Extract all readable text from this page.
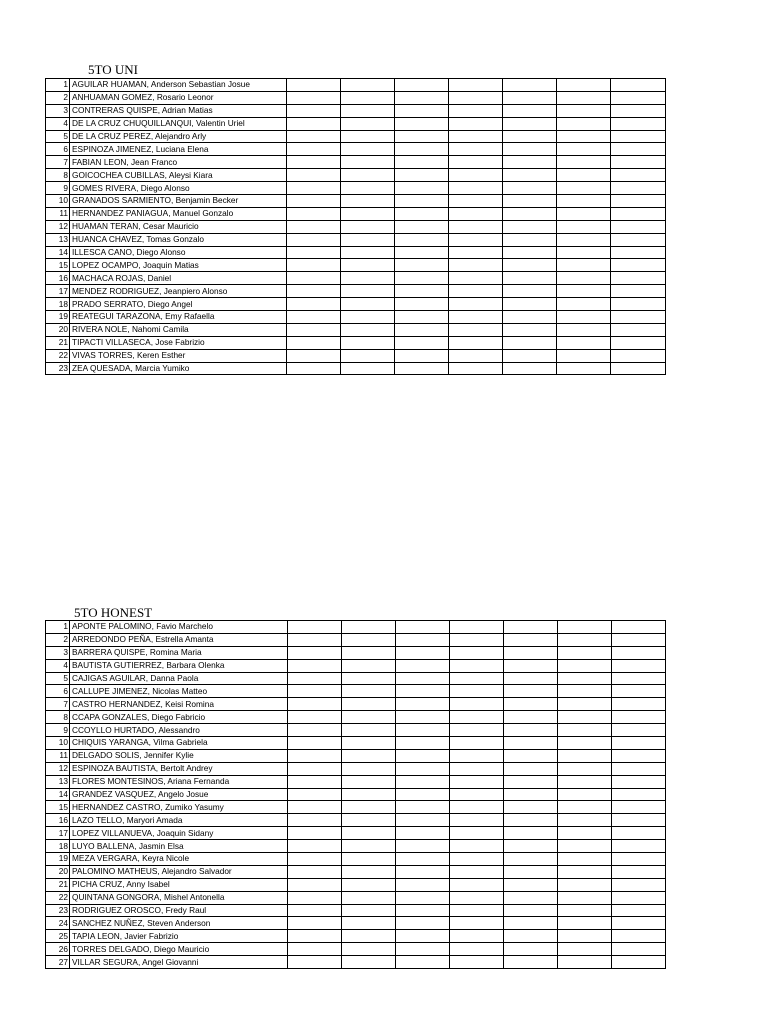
5TO UNI
1	AGUILAR HUAMAN, Anderson Sebastian Josue							
2	ANHUAMAN GOMEZ, Rosario Leonor							
3	CONTRERAS QUISPE, Adrian Matias							
4	DE LA CRUZ CHUQUILLANQUI, Valentin Uriel							
5	DE LA CRUZ PEREZ, Alejandro Arly							
6	ESPINOZA JIMENEZ, Luciana Elena							
7	FABIAN LEON, Jean Franco							
8	GOICOCHEA CUBILLAS, Aleysi Kiara							
9	GOMES RIVERA, Diego Alonso							
10	GRANADOS SARMIENTO, Benjamin Becker							
11	HERNANDEZ PANIAGUA, Manuel Gonzalo							
12	HUAMAN TERAN, Cesar Mauricio							
13	HUANCA CHAVEZ, Tomas Gonzalo							
14	ILLESCA CANO, Diego Alonso							
15	LOPEZ OCAMPO, Joaquin Matias							
16	MACHACA ROJAS, Daniel							
17	MENDEZ RODRIGUEZ, Jeanpiero Alonso							
18	PRADO SERRATO, Diego Angel							
19	REATEGUI TARAZONA, Emy Rafaella							
20	RIVERA NOLE, Nahomi Camila							
21	TIPACTI VILLASECA, Jose Fabrizio							
22	VIVAS TORRES, Keren Esther							
23	ZEA QUESADA, Marcia Yumiko							
5TO HONEST
1	APONTE PALOMINO, Favio Marchelo							
2	ARREDONDO PEÑA, Estrella Amanta							
3	BARRERA QUISPE, Romina Maria							
4	BAUTISTA GUTIERREZ, Barbara Olenka							
5	CAJIGAS AGUILAR, Danna Paola							
6	CALLUPE JIMENEZ, Nicolas Matteo							
7	CASTRO HERNANDEZ, Keisi Romina							
8	CCAPA GONZALES, Diego Fabricio							
9	CCOYLLO HURTADO, Alessandro							
10	CHIQUIS YARANGA, Vilma Gabriela							
11	DELGADO SOLIS, Jennifer Kylie							
12	ESPINOZA BAUTISTA, Bertolt Andrey							
13	FLORES MONTESINOS, Ariana Fernanda							
14	GRANDEZ VASQUEZ, Angelo Josue							
15	HERNANDEZ CASTRO, Zumiko Yasumy							
16	LAZO TELLO, Maryori Amada							
17	LOPEZ VILLANUEVA, Joaquin Sidany							
18	LUYO BALLENA, Jasmin Elsa							
19	MEZA VERGARA, Keyra Nicole							
20	PALOMINO MATHEUS, Alejandro Salvador							
21	PICHA CRUZ, Anny Isabel							
22	QUINTANA GONGORA, Mishel Antonella							
23	RODRIGUEZ OROSCO, Fredy Raul							
24	SANCHEZ NUÑEZ, Steven Anderson							
25	TAPIA LEON, Javier Fabrizio							
26	TORRES DELGADO, Diego Mauricio							
27	VILLAR SEGURA, Angel Giovanni							
